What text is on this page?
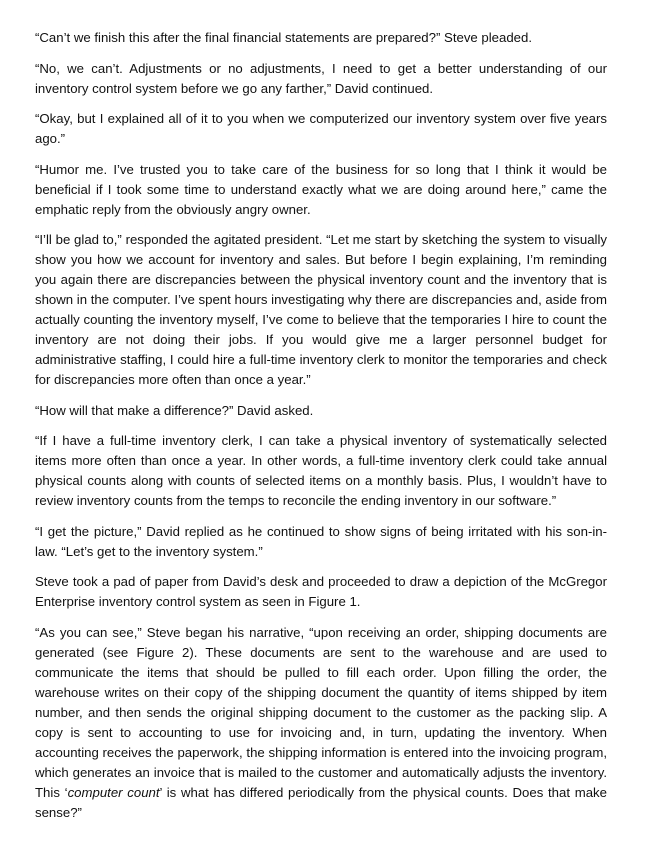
“Can’t we finish this after the final financial statements are prepared?” Steve pleaded.

“No, we can’t. Adjustments or no adjustments, I need to get a better understanding of our inventory control system before we go any farther,” David continued.

“Okay, but I explained all of it to you when we computerized our inventory system over five years ago.”

“Humor me. I’ve trusted you to take care of the business for so long that I think it would be beneficial if I took some time to understand exactly what we are doing around here,” came the emphatic reply from the obviously angry owner.

“I’ll be glad to,” responded the agitated president. “Let me start by sketching the system to visually show you how we account for inventory and sales. But before I begin explaining, I’m reminding you again there are discrepancies between the physical inventory count and the inventory that is shown in the computer. I’ve spent hours investigating why there are discrepancies and, aside from actually counting the inventory myself, I’ve come to believe that the temporaries I hire to count the inventory are not doing their jobs. If you would give me a larger personnel budget for administrative staffing, I could hire a full-time inventory clerk to monitor the temporaries and check for discrepancies more often than once a year.”

“How will that make a difference?” David asked.

“If I have a full-time inventory clerk, I can take a physical inventory of systematically selected items more often than once a year. In other words, a full-time inventory clerk could take annual physical counts along with counts of selected items on a monthly basis. Plus, I wouldn’t have to review inventory counts from the temps to reconcile the ending inventory in our software.”

“I get the picture,” David replied as he continued to show signs of being irritated with his son-in-law. “Let’s get to the inventory system.”

Steve took a pad of paper from David’s desk and proceeded to draw a depiction of the McGregor Enterprise inventory control system as seen in Figure 1.

“As you can see,” Steve began his narrative, “upon receiving an order, shipping documents are generated (see Figure 2). These documents are sent to the warehouse and are used to communicate the items that should be pulled to fill each order. Upon filling the order, the warehouse writes on their copy of the shipping document the quantity of items shipped by item number, and then sends the original shipping document to the customer as the packing slip. A copy is sent to accounting to use for invoicing and, in turn, updating the inventory. When accounting receives the paperwork, the shipping information is entered into the invoicing program, which generates an invoice that is mailed to the customer and automatically adjusts the inventory. This ‘computer count’ is what has differed periodically from the physical counts. Does that make sense?”
